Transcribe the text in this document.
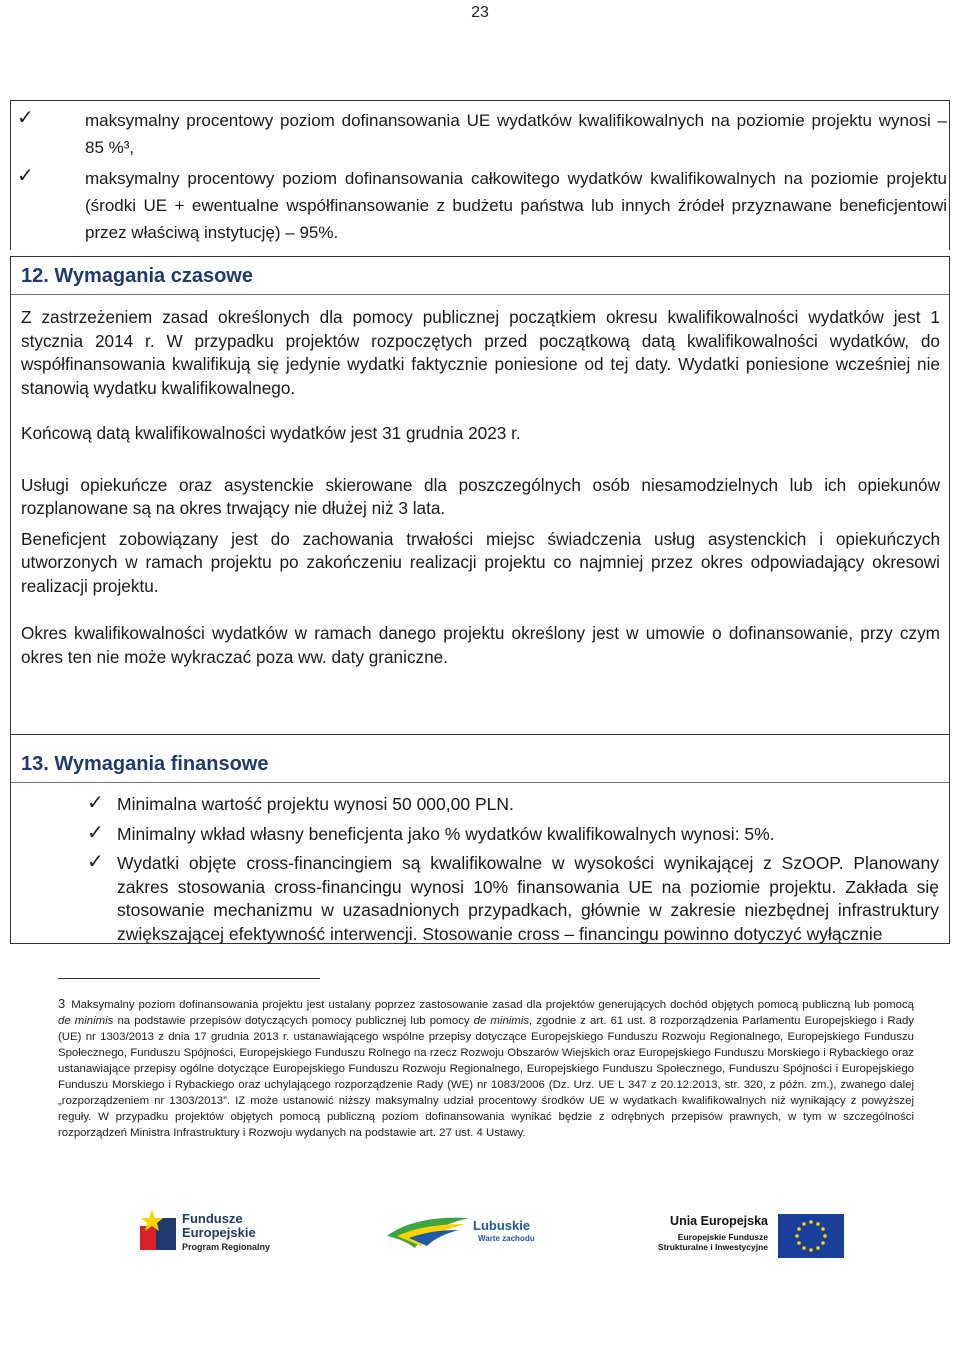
23
✓	maksymalny procentowy poziom dofinansowania UE wydatków kwalifikowalnych na poziomie projektu wynosi – 85 %³,
✓	maksymalny procentowy poziom dofinansowania całkowitego wydatków kwalifikowalnych na poziomie projektu (środki UE + ewentualne współfinansowanie z budżetu państwa lub innych źródeł przyznawane beneficjentowi przez właściwą instytucję) – 95%.
12. Wymagania czasowe

Z zastrzeżeniem zasad określonych dla pomocy publicznej początkiem okresu kwalifikowalności wydatków jest 1 stycznia 2014 r. W przypadku projektów rozpoczętych przed początkową datą kwalifikowalności wydatków, do współfinansowania kwalifikują się jedynie wydatki faktycznie poniesione od tej daty. Wydatki poniesione wcześniej nie stanowią wydatku kwalifikowalnego.

Końcową datą kwalifikowalności wydatków jest 31 grudnia 2023 r.

Usługi opiekuńcze oraz asystenckie skierowane dla poszczególnych osób niesamodzielnych lub ich opiekunów rozplanowane są na okres trwający nie dłużej niż 3 lata.

Beneficjent zobowiązany jest do zachowania trwałości miejsc świadczenia usług asystenckich i opiekuńczych utworzonych w ramach projektu po zakończeniu realizacji projektu co najmniej przez okres odpowiadający okresowi realizacji projektu.

Okres kwalifikowalności wydatków w ramach danego projektu określony jest w umowie o dofinansowanie, przy czym okres ten nie może wykraczać poza ww. daty graniczne.

13. Wymagania finansowe
✓ Minimalna wartość projektu wynosi 50 000,00 PLN.
✓ Minimalny wkład własny beneficjenta jako % wydatków kwalifikowalnych wynosi: 5%.
✓ Wydatki objęte cross-financingiem są kwalifikowalne w wysokości wynikającej z SzOOP. Planowany zakres stosowania cross-financingu wynosi 10% finansowania UE na poziomie projektu. Zakłada się stosowanie mechanizmu w uzasadnionych przypadkach, głównie w zakresie niezbędnej infrastruktury zwiększającej efektywność interwencji. Stosowanie cross – financingu powinno dotyczyć wyłącznie
3 Maksymalny poziom dofinansowania projektu jest ustalany poprzez zastosowanie zasad dla projektów generujących dochód objętych pomocą publiczną lub pomocą de minimis na podstawie przepisów dotyczących pomocy publicznej lub pomocy de minimis, zgodnie z art. 61 ust. 8 rozporządzenia Parlamentu Europejskiego i Rady (UE) nr 1303/2013 z dnia 17 grudnia 2013 r. ustanawiającego wspólne przepisy dotyczące Europejskiego Funduszu Rozwoju Regionalnego, Europejskiego Funduszu Społecznego, Funduszu Spójności, Europejskiego Funduszu Rolnego na rzecz Rozwoju Obszarów Wiejskich oraz Europejskiego Funduszu Morskiego i Rybackiego oraz ustanawiające przepisy ogólne dotyczące Europejskiego Funduszu Rozwoju Regionalnego, Europejskiego Funduszu Społecznego, Funduszu Spójności i Europejskiego Funduszu Morskiego i Rybackiego oraz uchylającego rozporządzenie Rady (WE) nr 1083/2006 (Dz. Urz. UE L 347 z 20.12.2013, str. 320, z późn. zm.), zwanego dalej „rozporządzeniem nr 1303/2013”. IZ może ustanowić niższy maksymalny udział procentowy środków UE w wydatkach kwalifikowalnych niż wynikający z powyższej reguły. W przypadku projektów objętych pomocą publiczną poziom dofinansowania wynikać będzie z odrębnych przepisów prawnych, w tym w szczególności rozporządzeń Ministra Infrastruktury i Rozwoju wydanych na podstawie art. 27 ust. 4 Ustawy.
Fundusze
Europejskie
Program Regionalny
Lubuskie
Warte zachodu
Unia Europejska
Europejskie Fundusze
Strukturalne i Inwestycyjne
